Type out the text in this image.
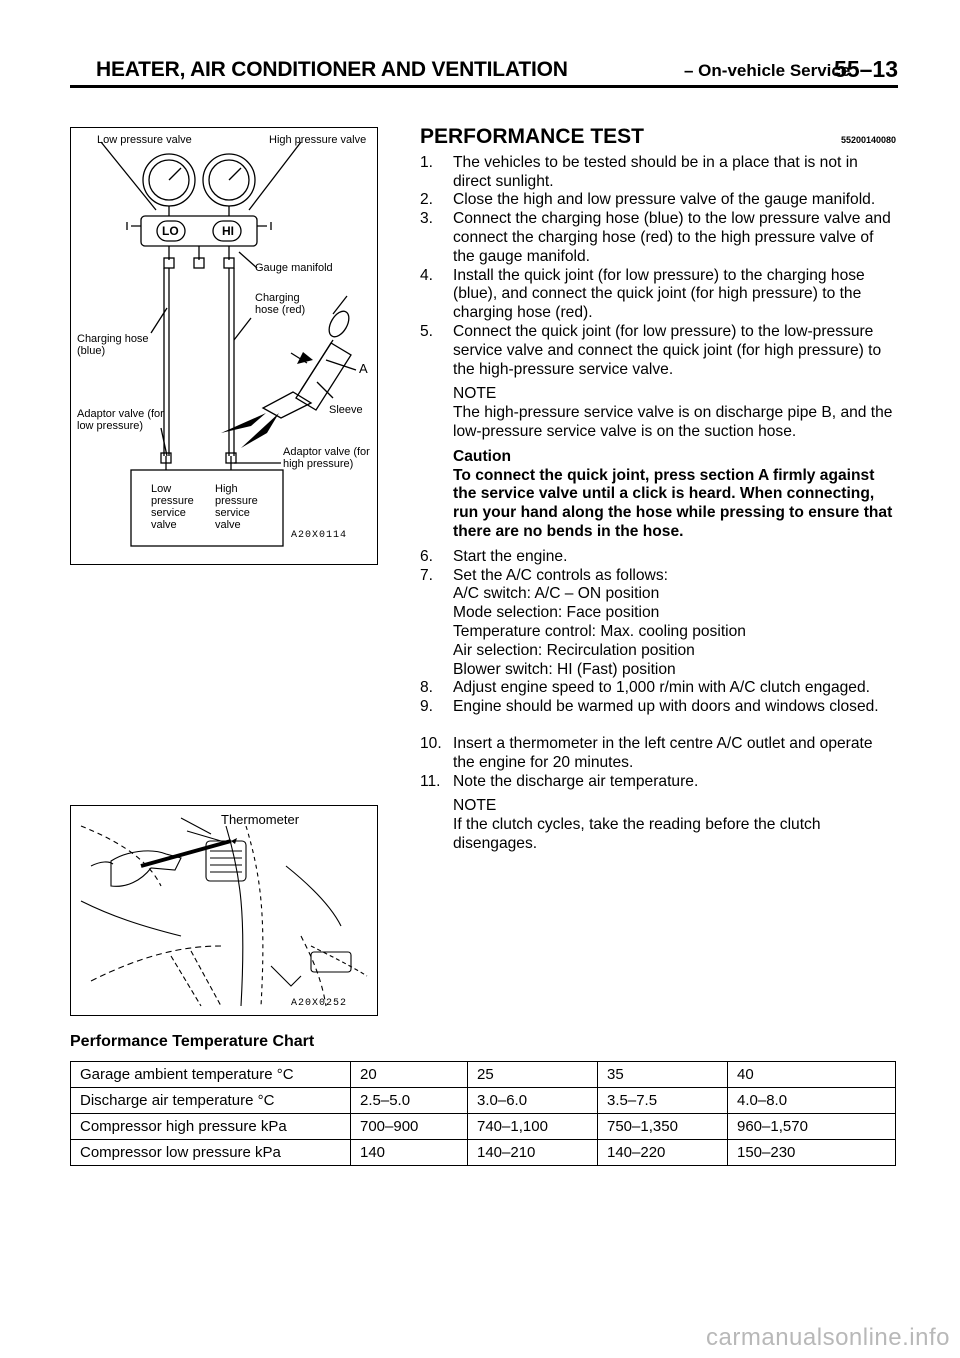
HEATER, AIR CONDITIONER AND VENTILATION	– On-vehicle Service
55–13
LO	HI
Low pressure valve	High pressure valve
Gauge manifold
Charging hose (red)
Charging hose (blue)
A
Sleeve
Adaptor valve (for low pressure)
Adaptor valve (for high pressure)
Low pressure service valve
High pressure service valve
A20X0114
Thermometer
A20X0252
PERFORMANCE TEST	55200140080

1. The vehicles to be tested should be in a place that is not in direct sunlight.

2. Close the high and low pressure valve of the gauge manifold.

3. Connect the charging hose (blue) to the low pressure valve and connect the charging hose (red) to the high pressure valve of the gauge manifold.

4. Install the quick joint (for low pressure) to the charging hose (blue), and connect the quick joint (for high pressure) to the charging hose (red).

5. Connect the quick joint (for low pressure) to the low-pressure service valve and connect the quick joint (for high pressure) to the high-pressure service valve.

NOTE
The high-pressure service valve is on discharge pipe B, and the low-pressure service valve is on the suction hose.
Caution
To connect the quick joint, press section A firmly against the service valve until a click is heard. When connecting, run your hand along the hose while pressing to ensure that there are no bends in the hose.

6. Start the engine.

7. Set the A/C controls as follows:

A/C switch: A/C – ON position
Mode selection: Face position
Temperature control: Max. cooling position
Air selection: Recirculation position
Blower switch: HI (Fast) position

8. Adjust engine speed to 1,000 r/min with A/C clutch engaged.

9. Engine should be warmed up with doors and windows closed.

10. Insert a thermometer in the left centre A/C outlet and operate the engine for 20 minutes.

11. Note the discharge air temperature.

NOTE
If the clutch cycles, take the reading before the clutch disengages.
Performance Temperature Chart
Garage ambient temperature °C	20	25	35	40
Discharge air temperature °C	2.5–5.0	3.0–6.0	3.5–7.5	4.0–8.0
Compressor high pressure kPa	700–900	740–1,100	750–1,350	960–1,570
Compressor low pressure kPa	140	140–210	140–220	150–230
carmanualsonline.info
